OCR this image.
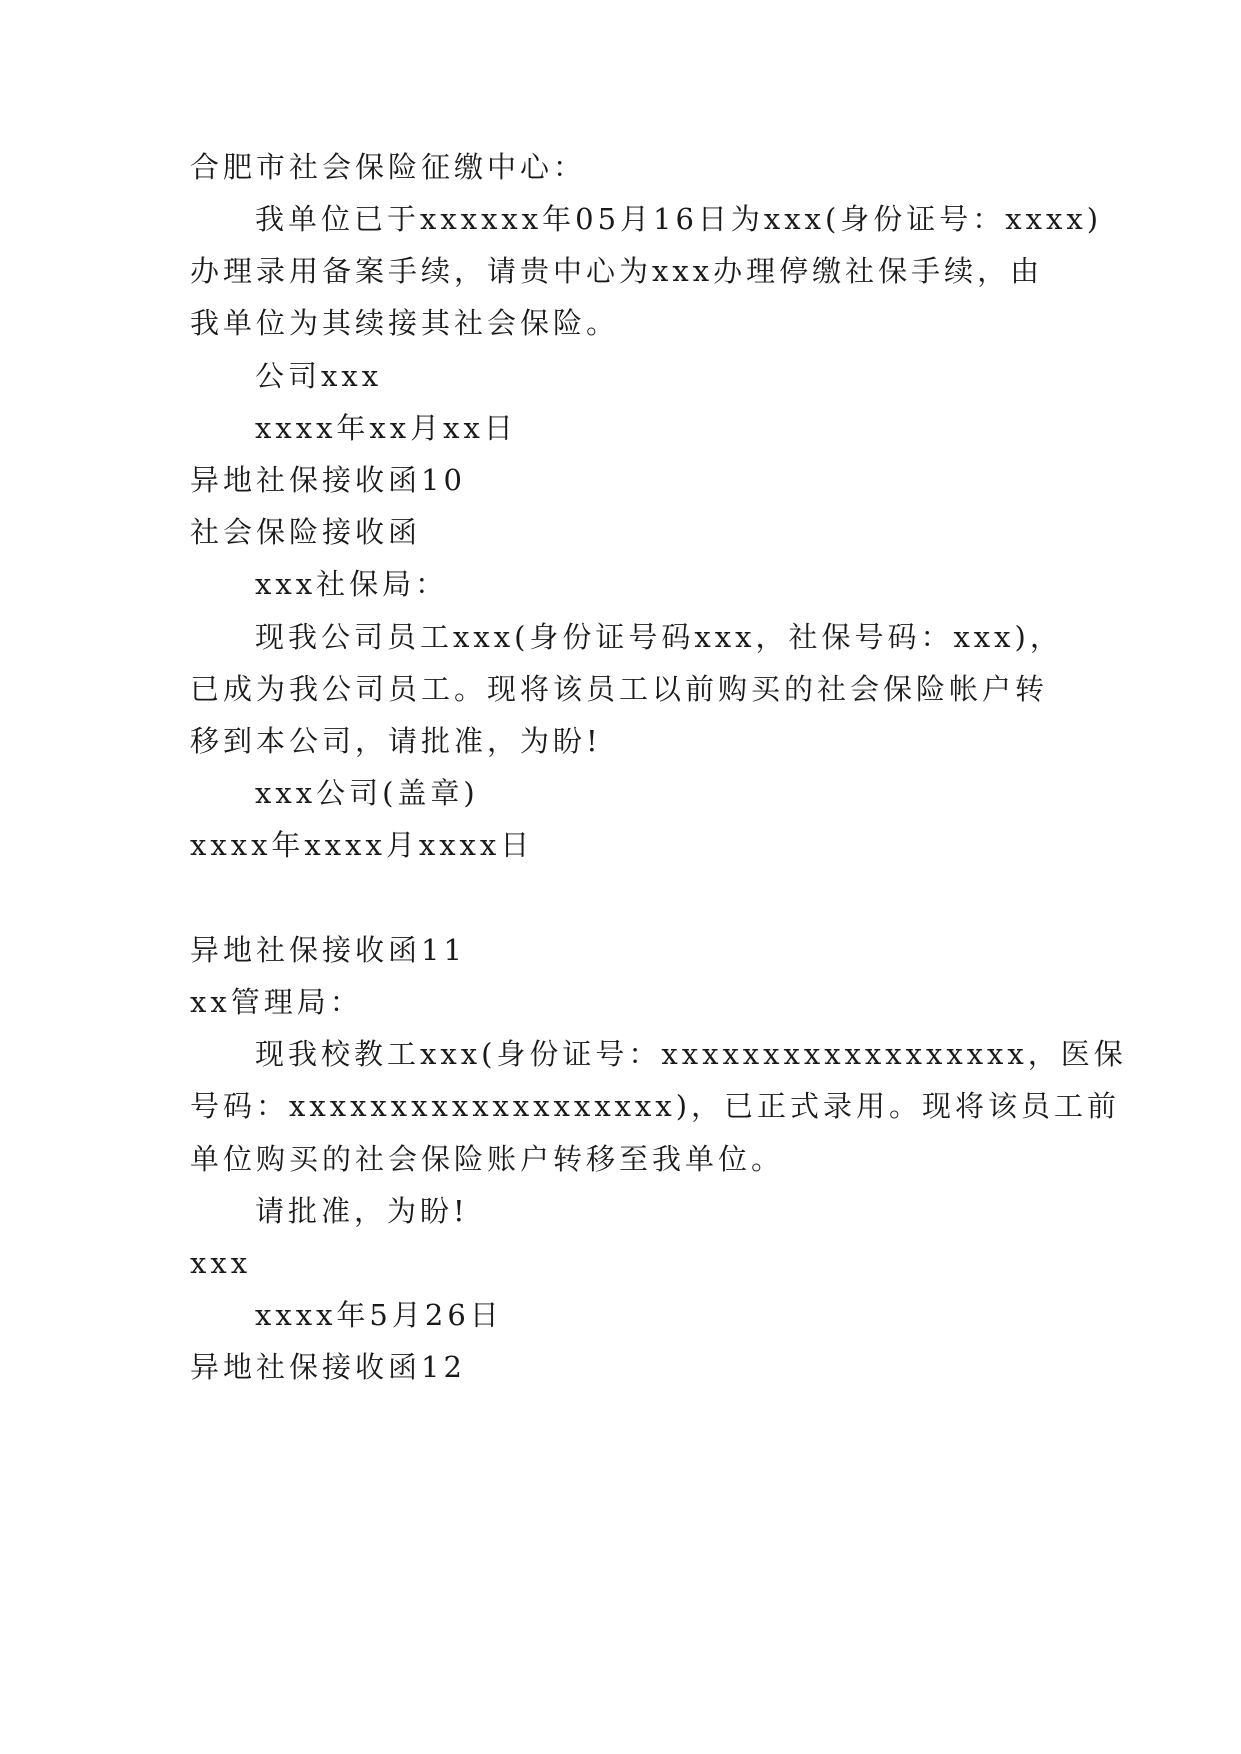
合肥市社会保险征缴中心：
我单位已于xxxxxx年05月16日为xxx(身份证号：xxxx)
办理录用备案手续，请贵中心为xxx办理停缴社保手续，由
我单位为其续接其社会保险。
公司xxx
xxxx年xx月xx日
异地社保接收函10
社会保险接收函
xxx社保局：
现我公司员工xxx(身份证号码xxx，社保号码：xxx)，
已成为我公司员工。现将该员工以前购买的社会保险帐户转
移到本公司，请批准，为盼!
xxx公司(盖章)
xxxx年xxxx月xxxx日
异地社保接收函11
xx管理局：
现我校教工xxx(身份证号：xxxxxxxxxxxxxxxxxx，医保
号码：xxxxxxxxxxxxxxxxxxx)，已正式录用。现将该员工前
单位购买的社会保险账户转移至我单位。
请批准，为盼!
xxx
xxxx年5月26日
异地社保接收函12
